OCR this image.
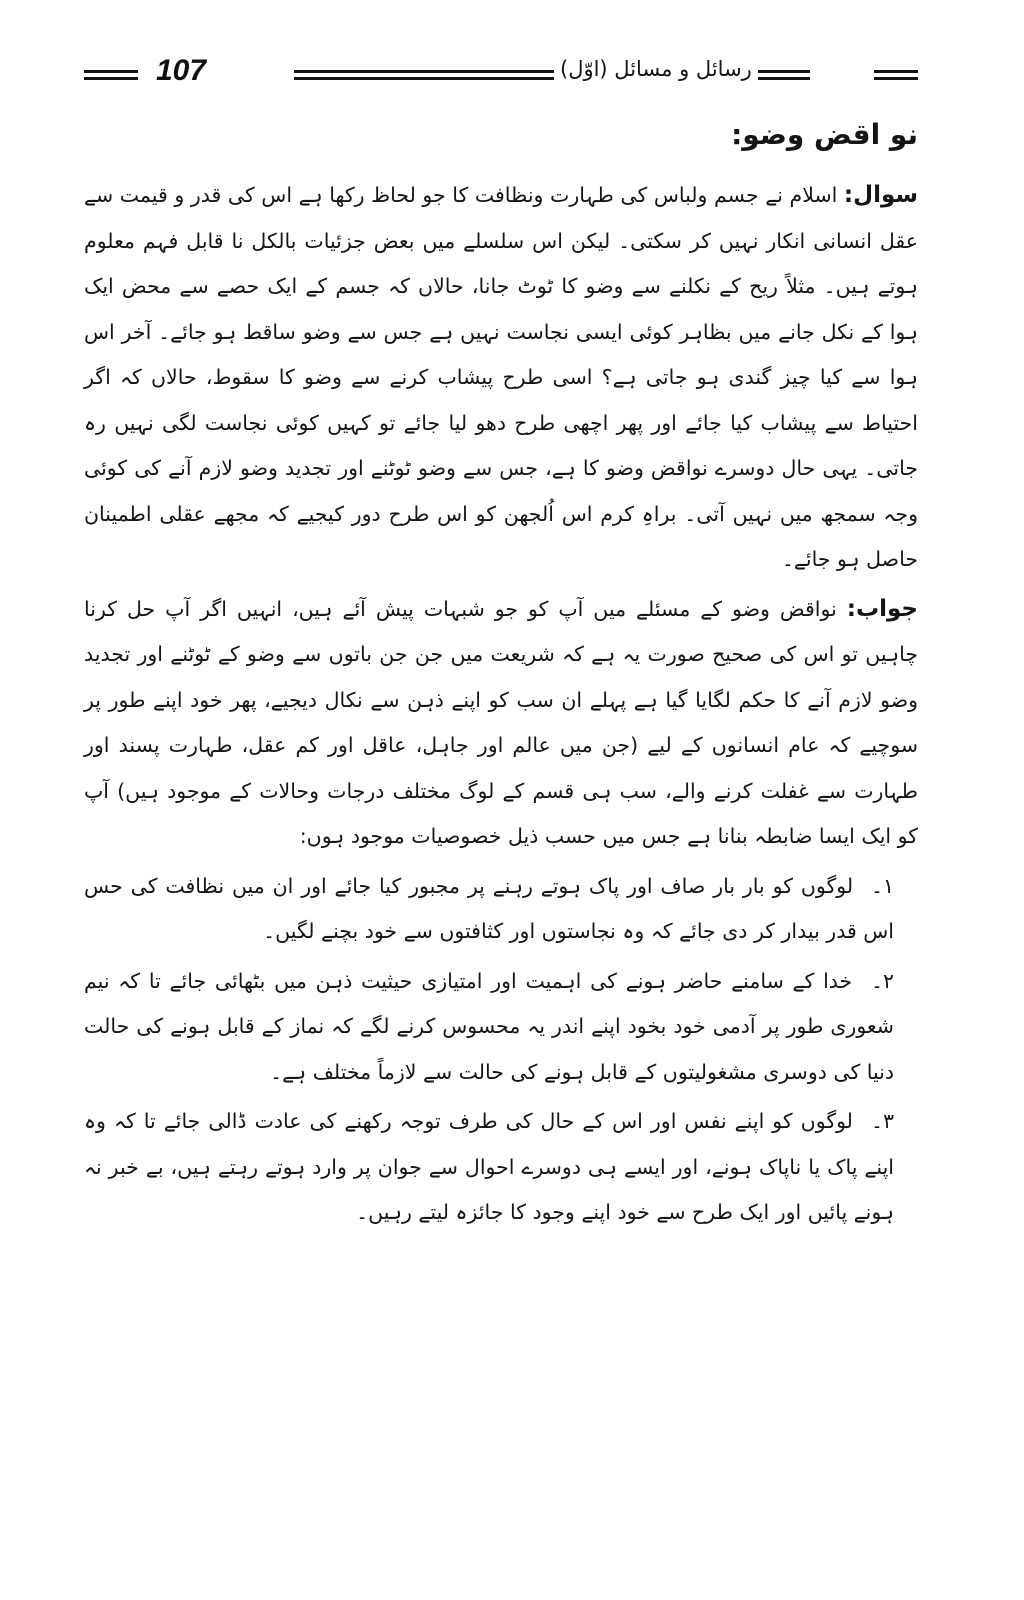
107	رسائل و مسائل (اوّل)
نو اقض وضو:

سوال: اسلام نے جسم ولباس کی طہارت ونظافت کا جو لحاظ رکھا ہے اس کی قدر و قیمت سے عقل انسانی انکار نہیں کر سکتی۔ لیکن اس سلسلے میں بعض جزئیات بالکل نا قابل فہم معلوم ہوتے ہیں۔ مثلاً ریح کے نکلنے سے وضو کا ٹوٹ جانا، حالاں کہ جسم کے ایک حصے سے محض ایک ہوا کے نکل جانے میں بظاہر کوئی ایسی نجاست نہیں ہے جس سے وضو ساقط ہو جائے۔ آخر اس ہوا سے کیا چیز گندی ہو جاتی ہے؟ اسی طرح پیشاب کرنے سے وضو کا سقوط، حالاں کہ اگر احتیاط سے پیشاب کیا جائے اور پھر اچھی طرح دھو لیا جائے تو کہیں کوئی نجاست لگی نہیں رہ جاتی۔ یہی حال دوسرے نواقض وضو کا ہے، جس سے وضو ٹوٹنے اور تجدید وضو لازم آنے کی کوئی وجہ سمجھ میں نہیں آتی۔ براہِ کرم اس اُلجھن کو اس طرح دور کیجیے کہ مجھے عقلی اطمینان حاصل ہو جائے۔

جواب: نواقض وضو کے مسئلے میں آپ کو جو شبہات پیش آئے ہیں، انہیں اگر آپ حل کرنا چاہیں تو اس کی صحیح صورت یہ ہے کہ شریعت میں جن جن باتوں سے وضو کے ٹوٹنے اور تجدید وضو لازم آنے کا حکم لگایا گیا ہے پہلے ان سب کو اپنے ذہن سے نکال دیجیے، پھر خود اپنے طور پر سوچیے کہ عام انسانوں کے لیے (جن میں عالم اور جاہل، عاقل اور کم عقل، طہارت پسند اور طہارت سے غفلت کرنے والے، سب ہی قسم کے لوگ مختلف درجات وحالات کے موجود ہیں) آپ کو ایک ایسا ضابطہ بنانا ہے جس میں حسب ذیل خصوصیات موجود ہوں:

۱۔ لوگوں کو بار بار صاف اور پاک ہوتے رہنے پر مجبور کیا جائے اور ان میں نظافت کی حس اس قدر بیدار کر دی جائے کہ وہ نجاستوں اور کثافتوں سے خود بچنے لگیں۔

۲۔ خدا کے سامنے حاضر ہونے کی اہمیت اور امتیازی حیثیت ذہن میں بٹھائی جائے تا کہ نیم شعوری طور پر آدمی خود بخود اپنے اندر یہ محسوس کرنے لگے کہ نماز کے قابل ہونے کی حالت دنیا کی دوسری مشغولیتوں کے قابل ہونے کی حالت سے لازماً مختلف ہے۔

۳۔ لوگوں کو اپنے نفس اور اس کے حال کی طرف توجہ رکھنے کی عادت ڈالی جائے تا کہ وہ اپنے پاک یا ناپاک ہونے، اور ایسے ہی دوسرے احوال سے جوان پر وارد ہوتے رہتے ہیں، بے خبر نہ ہونے پائیں اور ایک طرح سے خود اپنے وجود کا جائزہ لیتے رہیں۔
